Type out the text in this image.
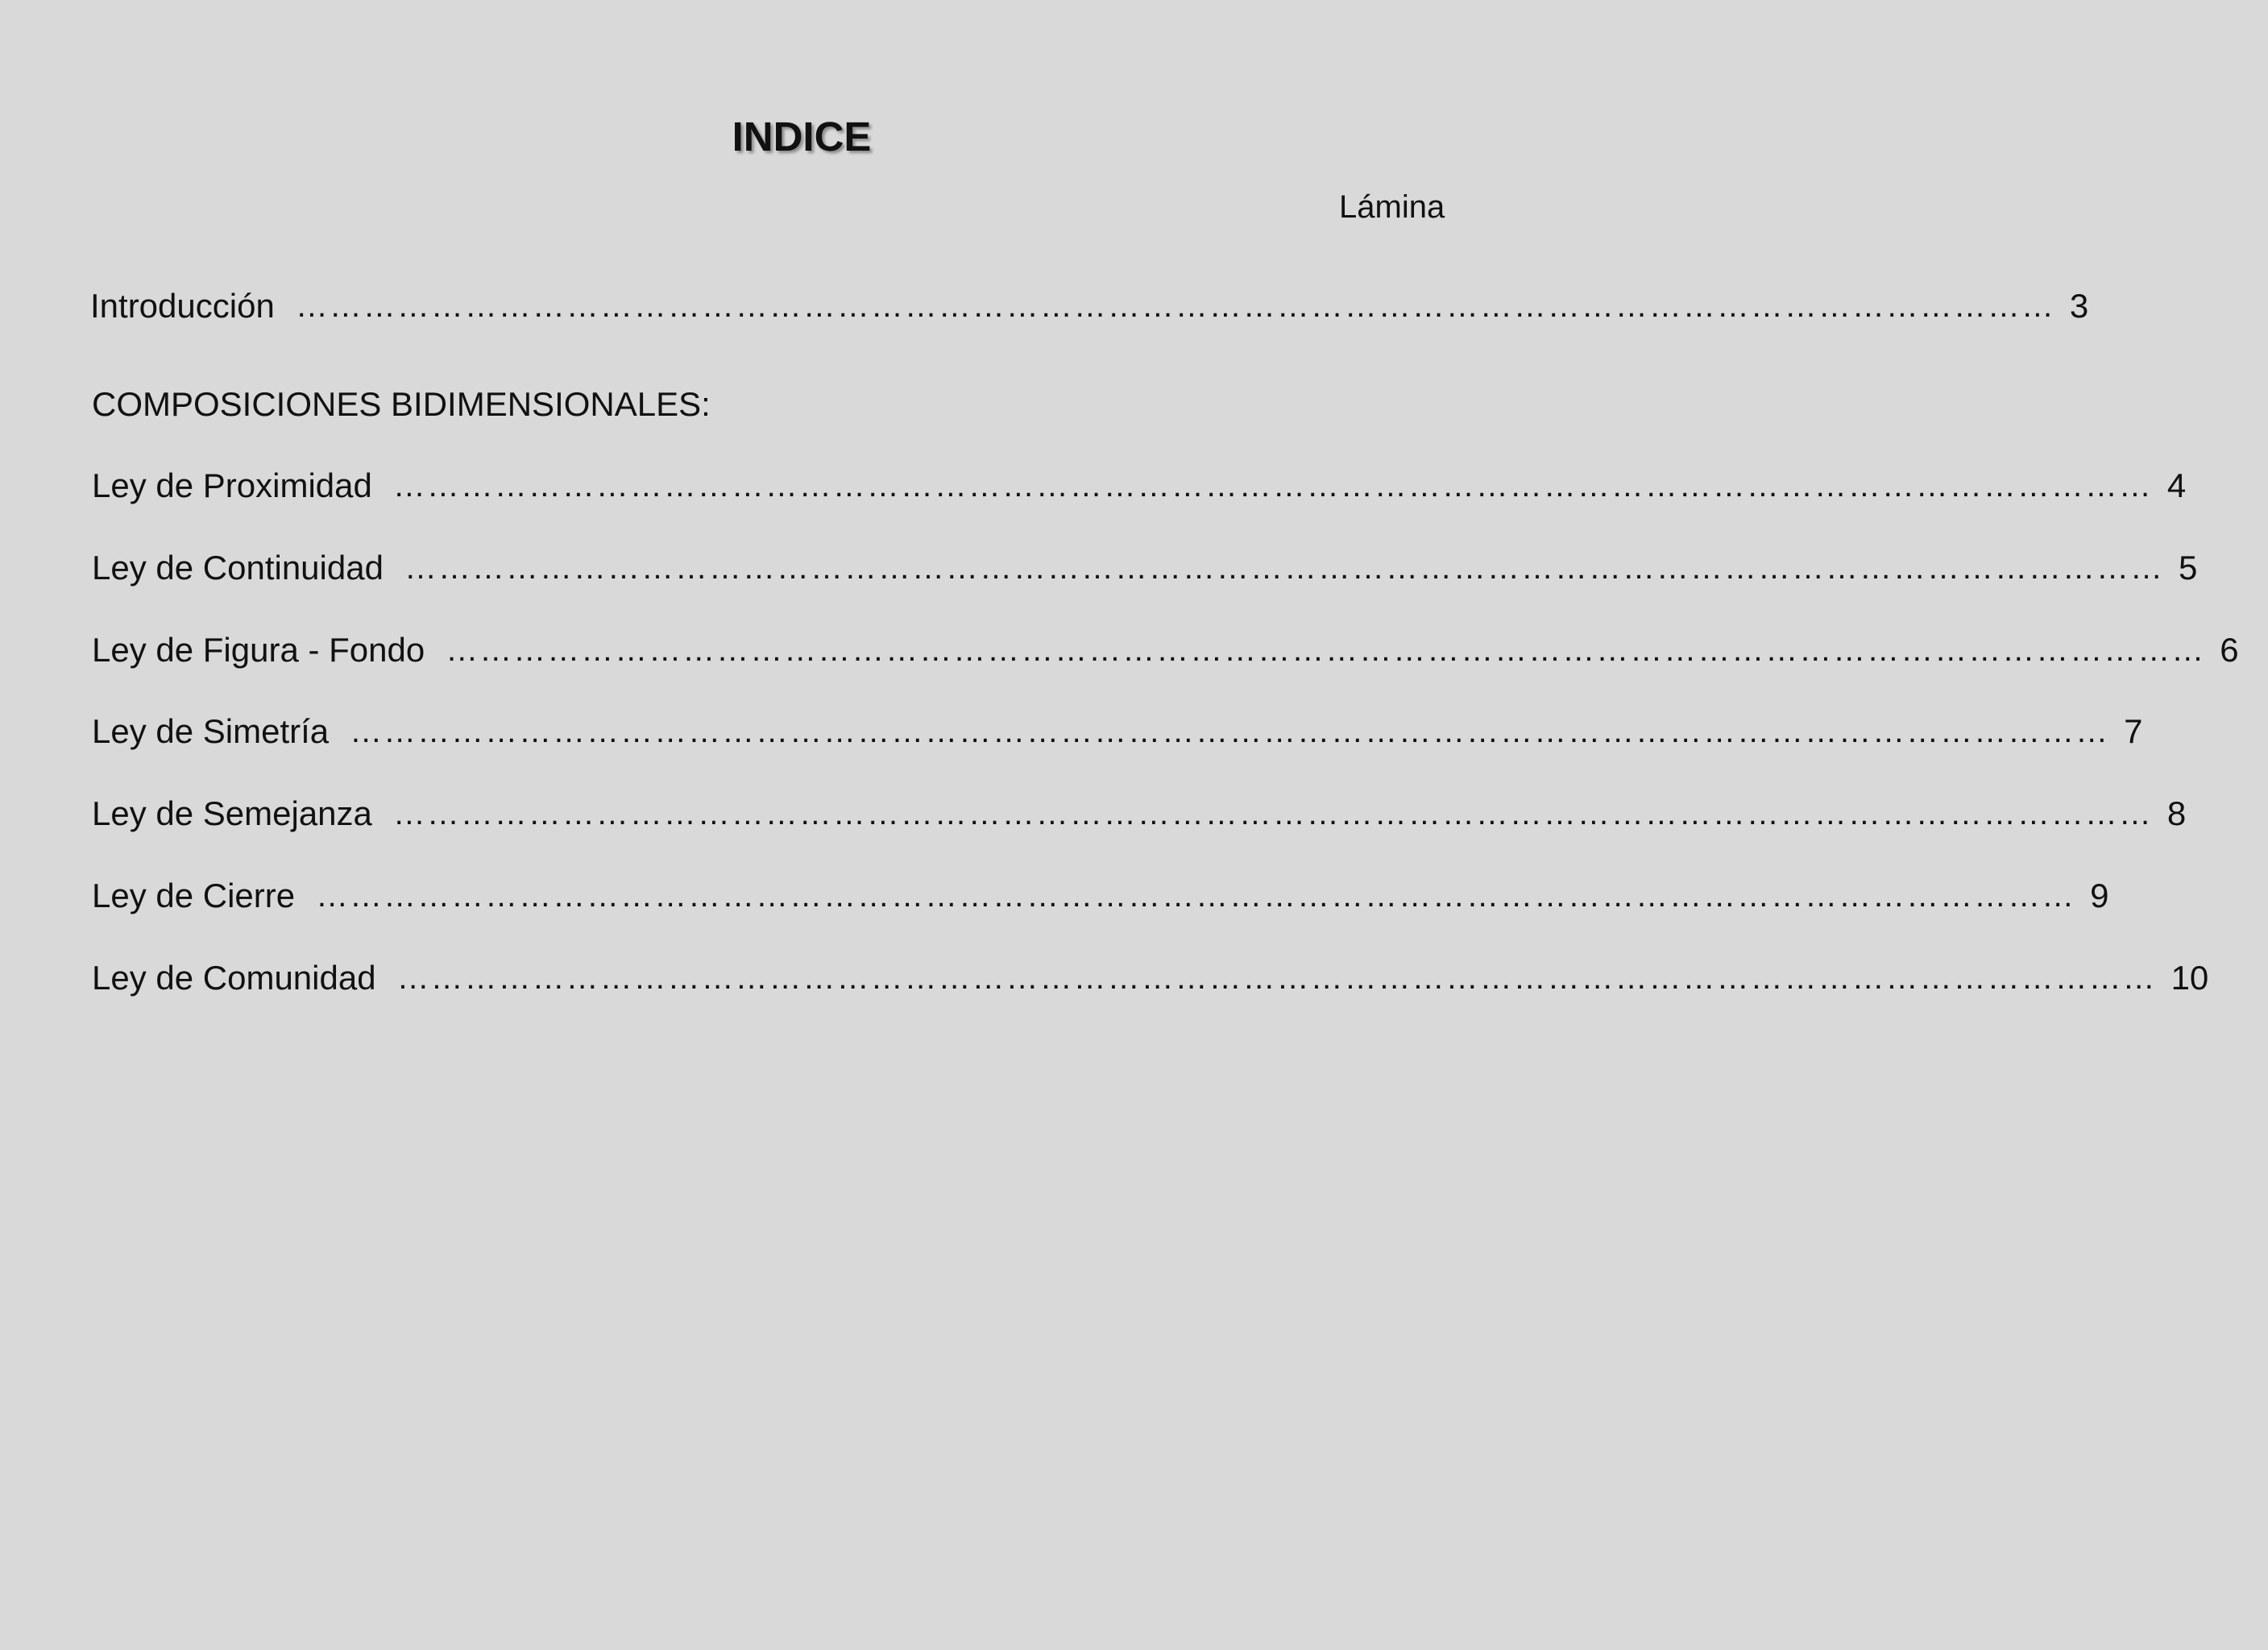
INDICE
Lámina
Introducción ………………………………………………………………………………………………………………………………………… 3
COMPOSICIONES BIDIMENSIONALES:
Ley de Proximidad ………………………………………………………………………………………………………………………………………… 4
Ley de Continuidad ………………………………………………………………………………………………………………………………………… 5
Ley de Figura - Fondo ………………………………………………………………………………………………………………………………………… 6
Ley de Simetría ………………………………………………………………………………………………………………………………………… 7
Ley de Semejanza ………………………………………………………………………………………………………………………………………… 8
Ley de Cierre ………………………………………………………………………………………………………………………………………… 9
Ley de Comunidad ………………………………………………………………………………………………………………………………………… 10
